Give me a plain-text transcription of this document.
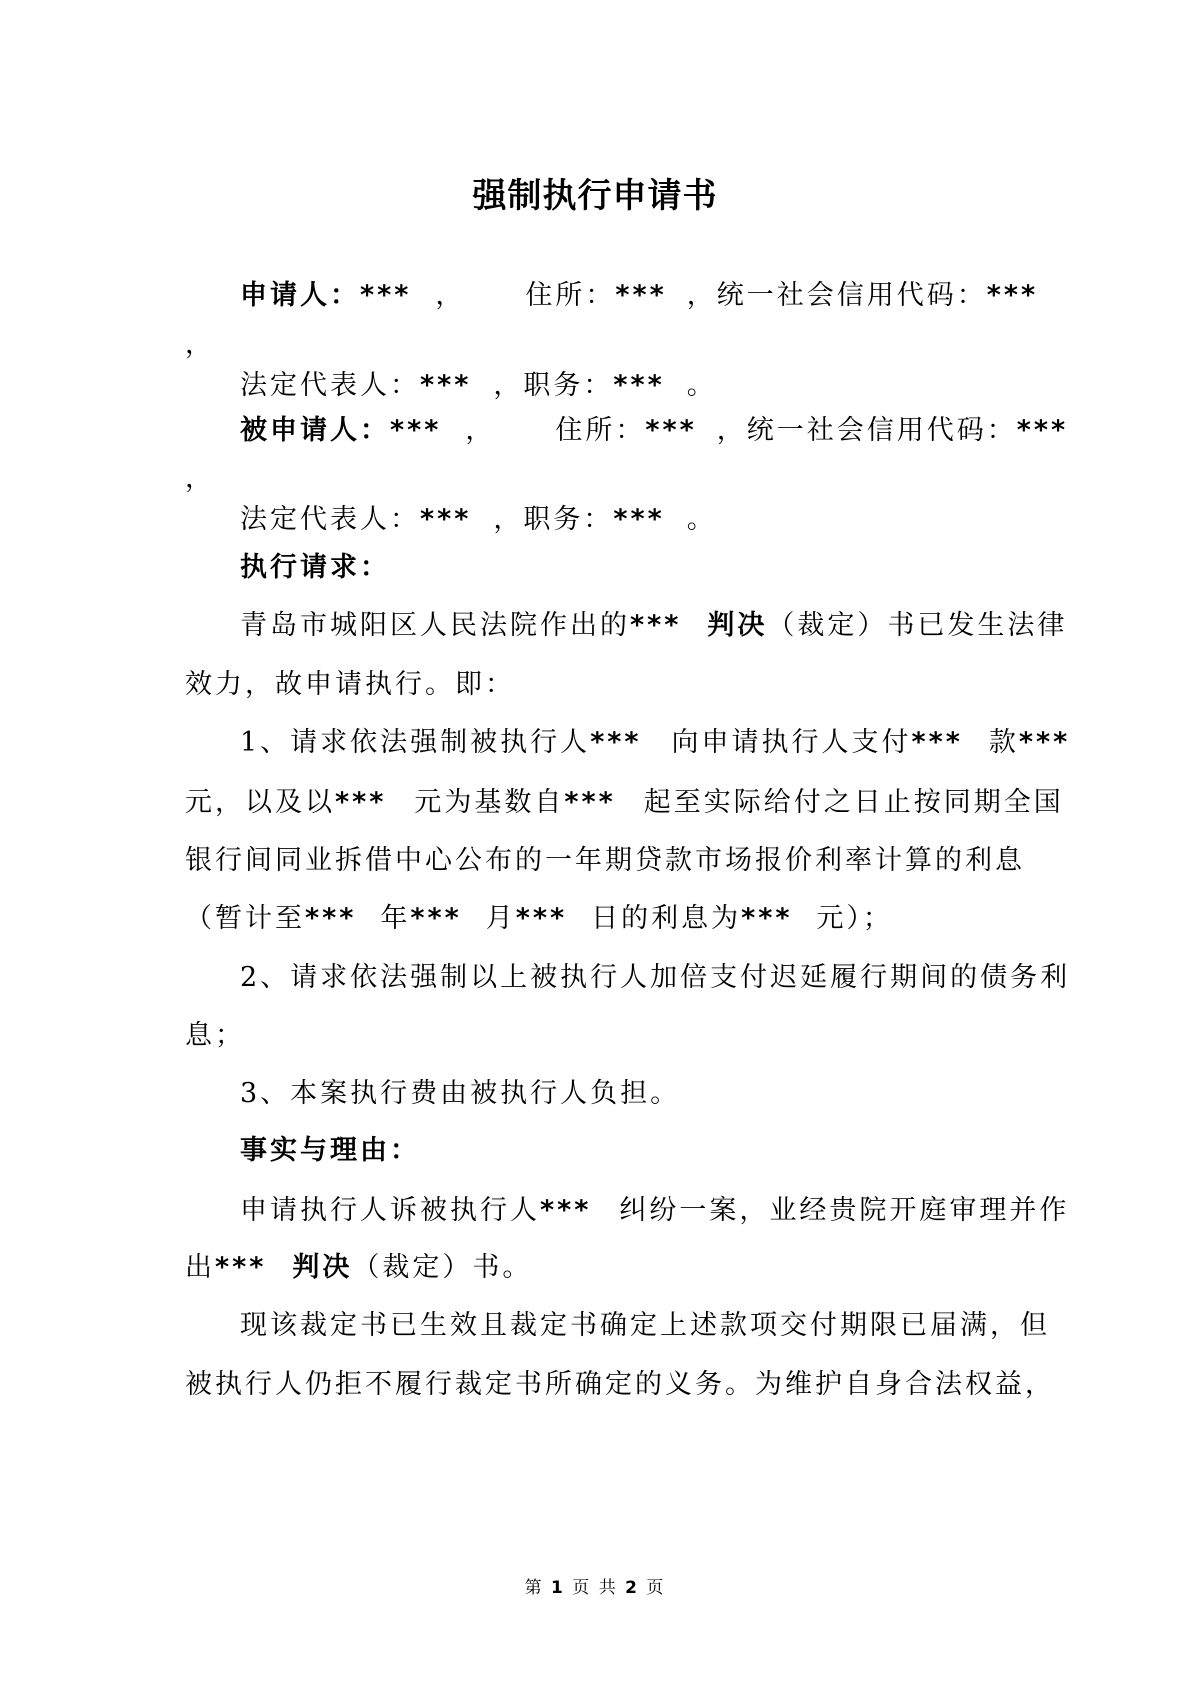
强制执行申请书
申请人：*** ， 住所：*** ，统一社会信用代码：***
，
法定代表人：*** ，职务：*** 。
被申请人：*** ， 住所：*** ，统一社会信用代码：***
，
法定代表人：*** ，职务：*** 。
执行请求：
青岛市城阳区人民法院作出的*** 判决（裁定）书已发生法律
效力，故申请执行。即：
1、请求依法强制被执行人*** 向申请执行人支付*** 款***
元，以及以*** 元为基数自*** 起至实际给付之日止按同期全国
银行间同业拆借中心公布的一年期贷款市场报价利率计算的利息
（暂计至*** 年*** 月*** 日的利息为*** 元）；
2、请求依法强制以上被执行人加倍支付迟延履行期间的债务利
息；
3、本案执行费由被执行人负担。
事实与理由：
申请执行人诉被执行人*** 纠纷一案，业经贵院开庭审理并作
出*** 判决（裁定）书。
现该裁定书已生效且裁定书确定上述款项交付期限已届满，但
被执行人仍拒不履行裁定书所确定的义务。为维护自身合法权益，
第 1 页 共 2 页
